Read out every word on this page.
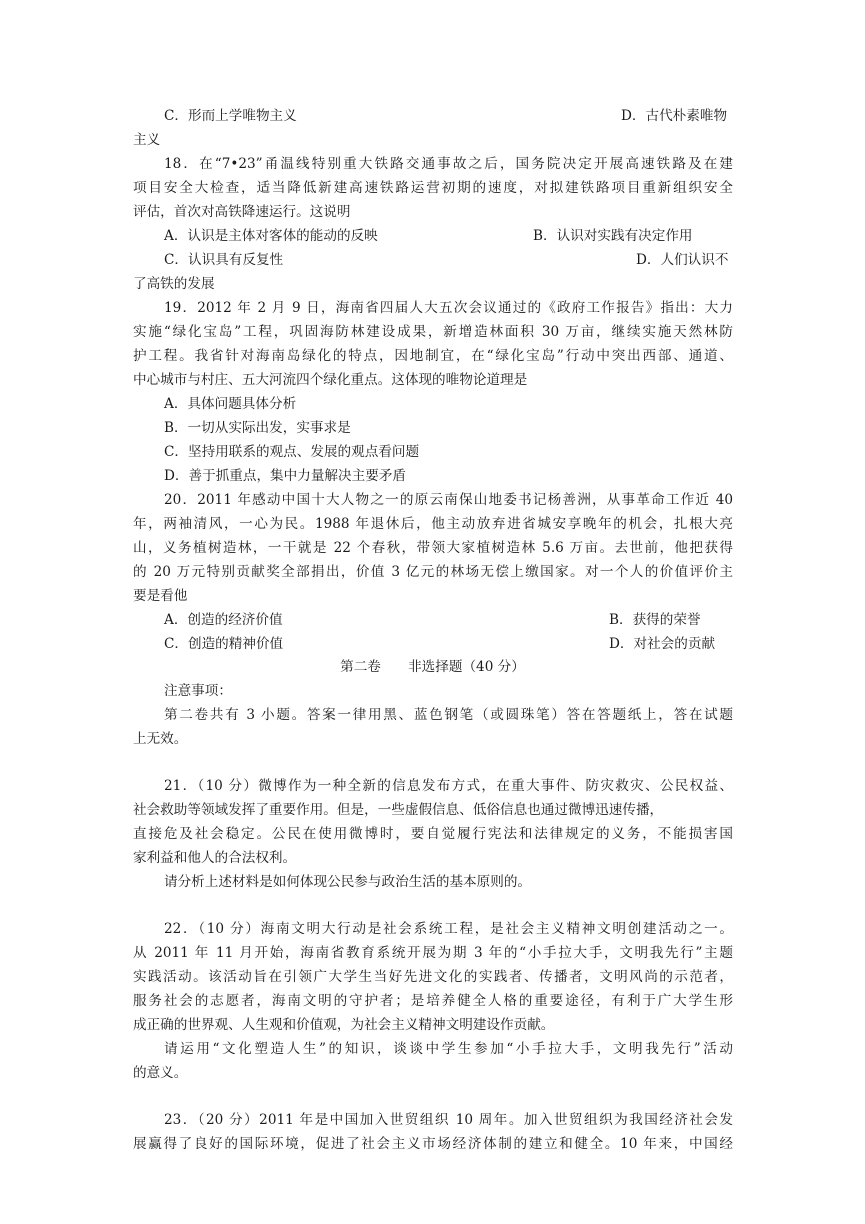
C．形而上学唯物主义	D．古代朴素唯物
主义
18．在“7•23”甬温线特别重大铁路交通事故之后，国务院决定开展高速铁路及在建
项目安全大检查，适当降低新建高速铁路运营初期的速度，对拟建铁路项目重新组织安全
评估，首次对高铁降速运行。这说明
A．认识是主体对客体的能动的反映	B．认识对实践有决定作用
C．认识具有反复性	D．人们认识不
了高铁的发展
19．2012 年 2 月 9 日，海南省四届人大五次会议通过的《政府工作报告》指出：大力
实施“绿化宝岛”工程，巩固海防林建设成果，新增造林面积 30 万亩，继续实施天然林防
护工程。我省针对海南岛绿化的特点，因地制宜，在“绿化宝岛”行动中突出西部、通道、
中心城市与村庄、五大河流四个绿化重点。这体现的唯物论道理是
A．具体问题具体分析
B．一切从实际出发，实事求是
C．坚持用联系的观点、发展的观点看问题
D．善于抓重点，集中力量解决主要矛盾
20．2011 年感动中国十大人物之一的原云南保山地委书记杨善洲，从事革命工作近 40
年，两袖清风，一心为民。1988 年退休后，他主动放弃进省城安享晚年的机会，扎根大亮
山，义务植树造林，一干就是 22 个春秋，带领大家植树造林 5.6 万亩。去世前，他把获得
的 20 万元特别贡献奖全部捐出，价值 3 亿元的林场无偿上缴国家。对一个人的价值评价主
要是看他
A．创造的经济价值	B．获得的荣誉
C．创造的精神价值	D．对社会的贡献
第二卷　　非选择题（40 分）
注意事项：
第二卷共有 3 小题。答案一律用黑、蓝色钢笔（或圆珠笔）答在答题纸上，答在试题
上无效。
21．（10 分）微博作为一种全新的信息发布方式，在重大事件、防灾救灾、公民权益、
社会救助等领域发挥了重要作用。但是，一些虚假信息、低俗信息也通过微博迅速传播，
直接危及社会稳定。公民在使用微博时，要自觉履行宪法和法律规定的义务，不能损害国
家利益和他人的合法权利。
请分析上述材料是如何体现公民参与政治生活的基本原则的。
22．（10 分）海南文明大行动是社会系统工程，是社会主义精神文明创建活动之一。
从 2011 年 11 月开始，海南省教育系统开展为期 3 年的“小手拉大手，文明我先行”主题
实践活动。该活动旨在引领广大学生当好先进文化的实践者、传播者，文明风尚的示范者，
服务社会的志愿者，海南文明的守护者；是培养健全人格的重要途径，有利于广大学生形
成正确的世界观、人生观和价值观，为社会主义精神文明建设作贡献。
请运用“文化塑造人生”的知识，谈谈中学生参加“小手拉大手，文明我先行”活动
的意义。
23．（20 分）2011 年是中国加入世贸组织 10 周年。加入世贸组织为我国经济社会发
展赢得了良好的国际环境，促进了社会主义市场经济体制的建立和健全。10 年来，中国经
